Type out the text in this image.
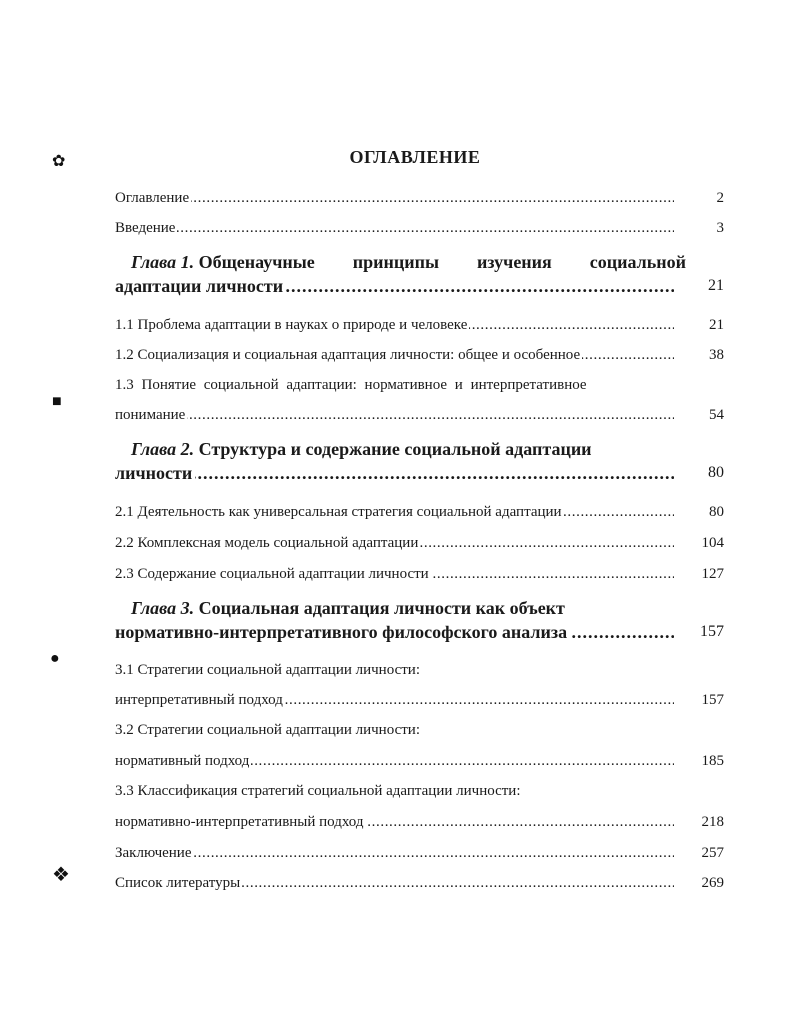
✿
■
●
❖
ОГЛАВЛЕНИЕ
.....
Оглавление	2
.....
Введение	3
Глава 1. Общенаучные принципы изучения социальной
.....
адаптации личности	21
.....
1.1 Проблема адаптации в науках о природе и человеке	21
.....
1.2 Социализация и социальная адаптация личности: общее и особенное	38
1.3 Понятие социальной адаптации: нормативное и интерпретативное
.....
понимание	54
Глава 2. Структура и содержание социальной адаптации
.....
личности	80
.....
2.1 Деятельность как универсальная стратегия социальной адаптации	80
.....
2.2 Комплексная модель социальной адаптации	104
.....
2.3 Содержание социальной адаптации личности	127
Глава 3. Социальная адаптация личности как объект
.....
нормативно-интерпретативного философского анализа	157
3.1 Стратегии социальной адаптации личности:
.....
интерпретативный подход	157
3.2 Стратегии социальной адаптации личности:
.....
нормативный подход	185
3.3 Классификация стратегий социальной адаптации личности:
.....
нормативно-интерпретативный подход	218
.....
Заключение	257
.....
Список литературы	269
